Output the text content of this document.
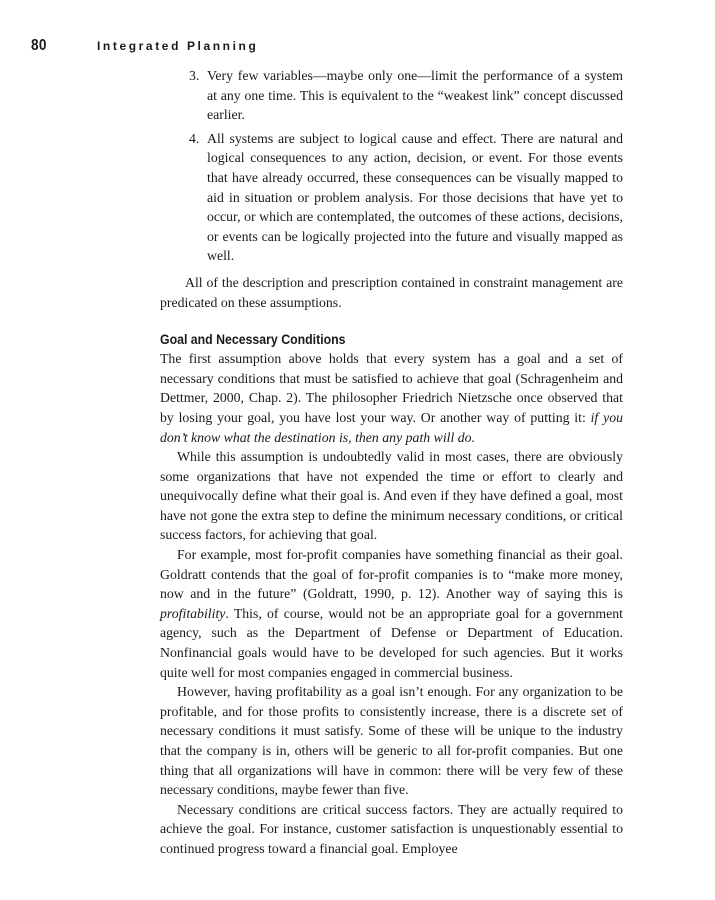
80	Integrated Planning
3. Very few variables—maybe only one—limit the performance of a system at any one time. This is equivalent to the “weakest link” concept discussed earlier.
4. All systems are subject to logical cause and effect. There are natural and logical consequences to any action, decision, or event. For those events that have already occurred, these consequences can be visually mapped to aid in situation or problem analysis. For those decisions that have yet to occur, or which are contemplated, the outcomes of these actions, decisions, or events can be logically projected into the future and visually mapped as well.

All of the description and prescription contained in constraint management are predicated on these assumptions.

Goal and Necessary Conditions

The first assumption above holds that every system has a goal and a set of necessary conditions that must be satisfied to achieve that goal (Schragenheim and Dettmer, 2000, Chap. 2). The philosopher Friedrich Nietzsche once observed that by losing your goal, you have lost your way. Or another way of putting it: if you don’t know what the destination is, then any path will do.

While this assumption is undoubtedly valid in most cases, there are obviously some organizations that have not expended the time or effort to clearly and unequivocally define what their goal is. And even if they have defined a goal, most have not gone the extra step to define the minimum necessary conditions, or critical success factors, for achieving that goal.

For example, most for-profit companies have something financial as their goal. Goldratt contends that the goal of for-profit companies is to “make more money, now and in the future” (Goldratt, 1990, p. 12). Another way of saying this is profitability. This, of course, would not be an appropriate goal for a government agency, such as the Department of Defense or Department of Education. Nonfinancial goals would have to be developed for such agencies. But it works quite well for most companies engaged in commercial business.

However, having profitability as a goal isn’t enough. For any organization to be profitable, and for those profits to consistently increase, there is a discrete set of necessary conditions it must satisfy. Some of these will be unique to the industry that the company is in, others will be generic to all for-profit companies. But one thing that all organizations will have in common: there will be very few of these necessary conditions, maybe fewer than five.

Necessary conditions are critical success factors. They are actually required to achieve the goal. For instance, customer satisfaction is unquestionably essential to continued progress toward a financial goal. Employee
